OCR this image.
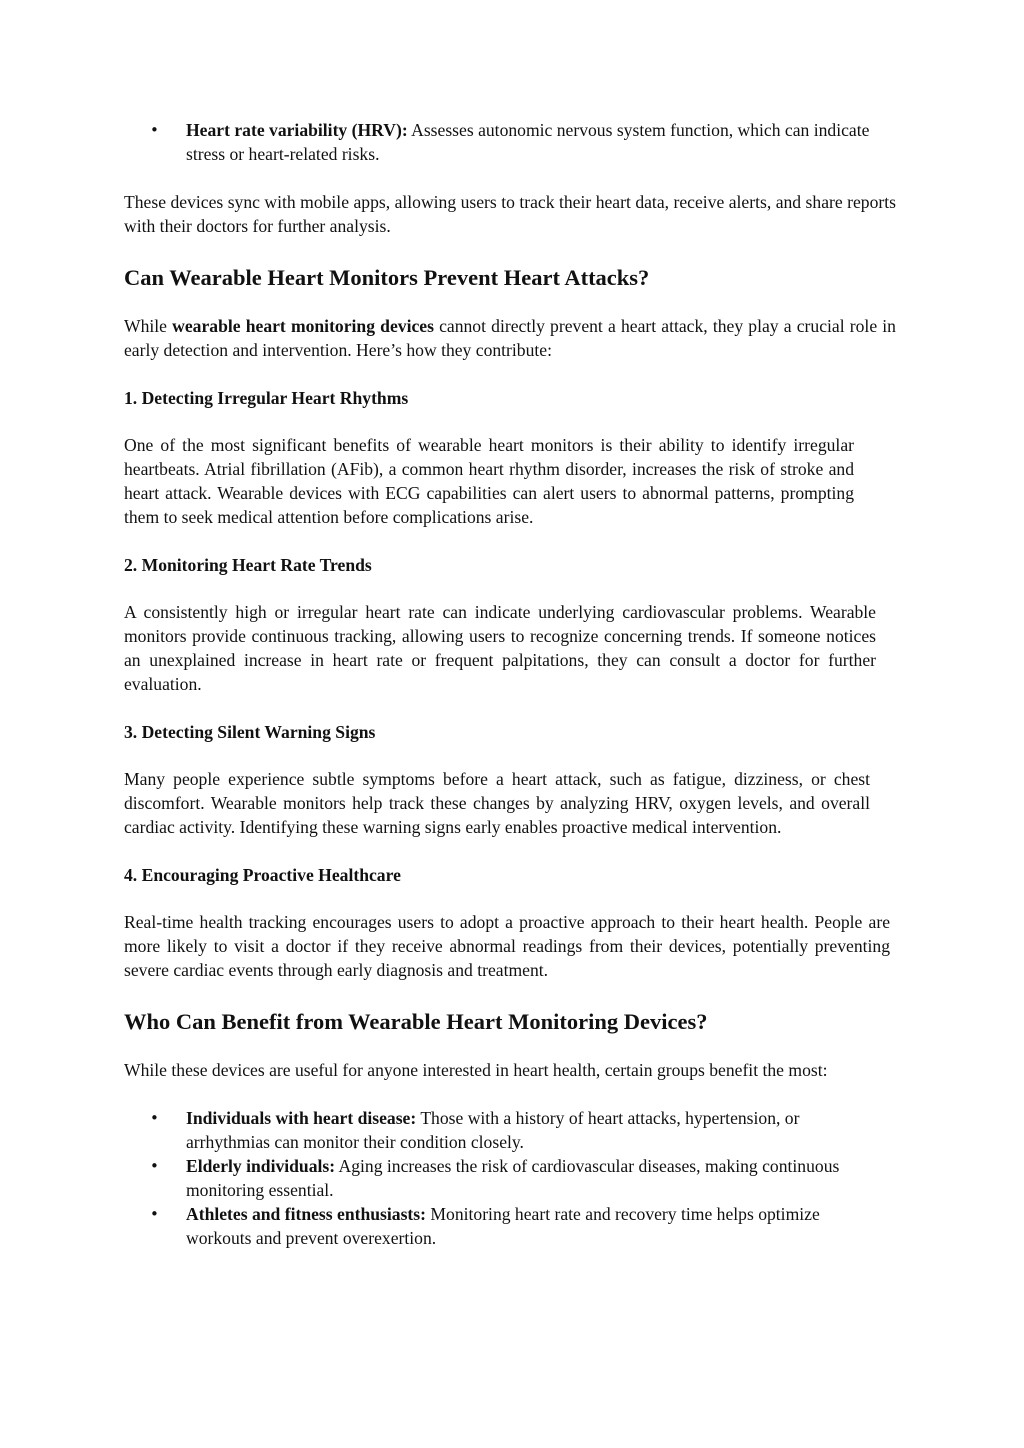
• Heart rate variability (HRV): Assesses autonomic nervous system function, which can indicate stress or heart-related risks.

These devices sync with mobile apps, allowing users to track their heart data, receive alerts, and share reports with their doctors for further analysis.

Can Wearable Heart Monitors Prevent Heart Attacks?

While wearable heart monitoring devices cannot directly prevent a heart attack, they play a crucial role in early detection and intervention. Here’s how they contribute:

1. Detecting Irregular Heart Rhythms

One of the most significant benefits of wearable heart monitors is their ability to identify irregular heartbeats. Atrial fibrillation (AFib), a common heart rhythm disorder, increases the risk of stroke and heart attack. Wearable devices with ECG capabilities can alert users to abnormal patterns, prompting them to seek medical attention before complications arise.

2. Monitoring Heart Rate Trends

A consistently high or irregular heart rate can indicate underlying cardiovascular problems. Wearable monitors provide continuous tracking, allowing users to recognize concerning trends. If someone notices an unexplained increase in heart rate or frequent palpitations, they can consult a doctor for further evaluation.

3. Detecting Silent Warning Signs

Many people experience subtle symptoms before a heart attack, such as fatigue, dizziness, or chest discomfort. Wearable monitors help track these changes by analyzing HRV, oxygen levels, and overall cardiac activity. Identifying these warning signs early enables proactive medical intervention.

4. Encouraging Proactive Healthcare

Real-time health tracking encourages users to adopt a proactive approach to their heart health. People are more likely to visit a doctor if they receive abnormal readings from their devices, potentially preventing severe cardiac events through early diagnosis and treatment.

Who Can Benefit from Wearable Heart Monitoring Devices?

While these devices are useful for anyone interested in heart health, certain groups benefit the most:

• Individuals with heart disease: Those with a history of heart attacks, hypertension, or arrhythmias can monitor their condition closely.
• Elderly individuals: Aging increases the risk of cardiovascular diseases, making continuous monitoring essential.
• Athletes and fitness enthusiasts: Monitoring heart rate and recovery time helps optimize workouts and prevent overexertion.
